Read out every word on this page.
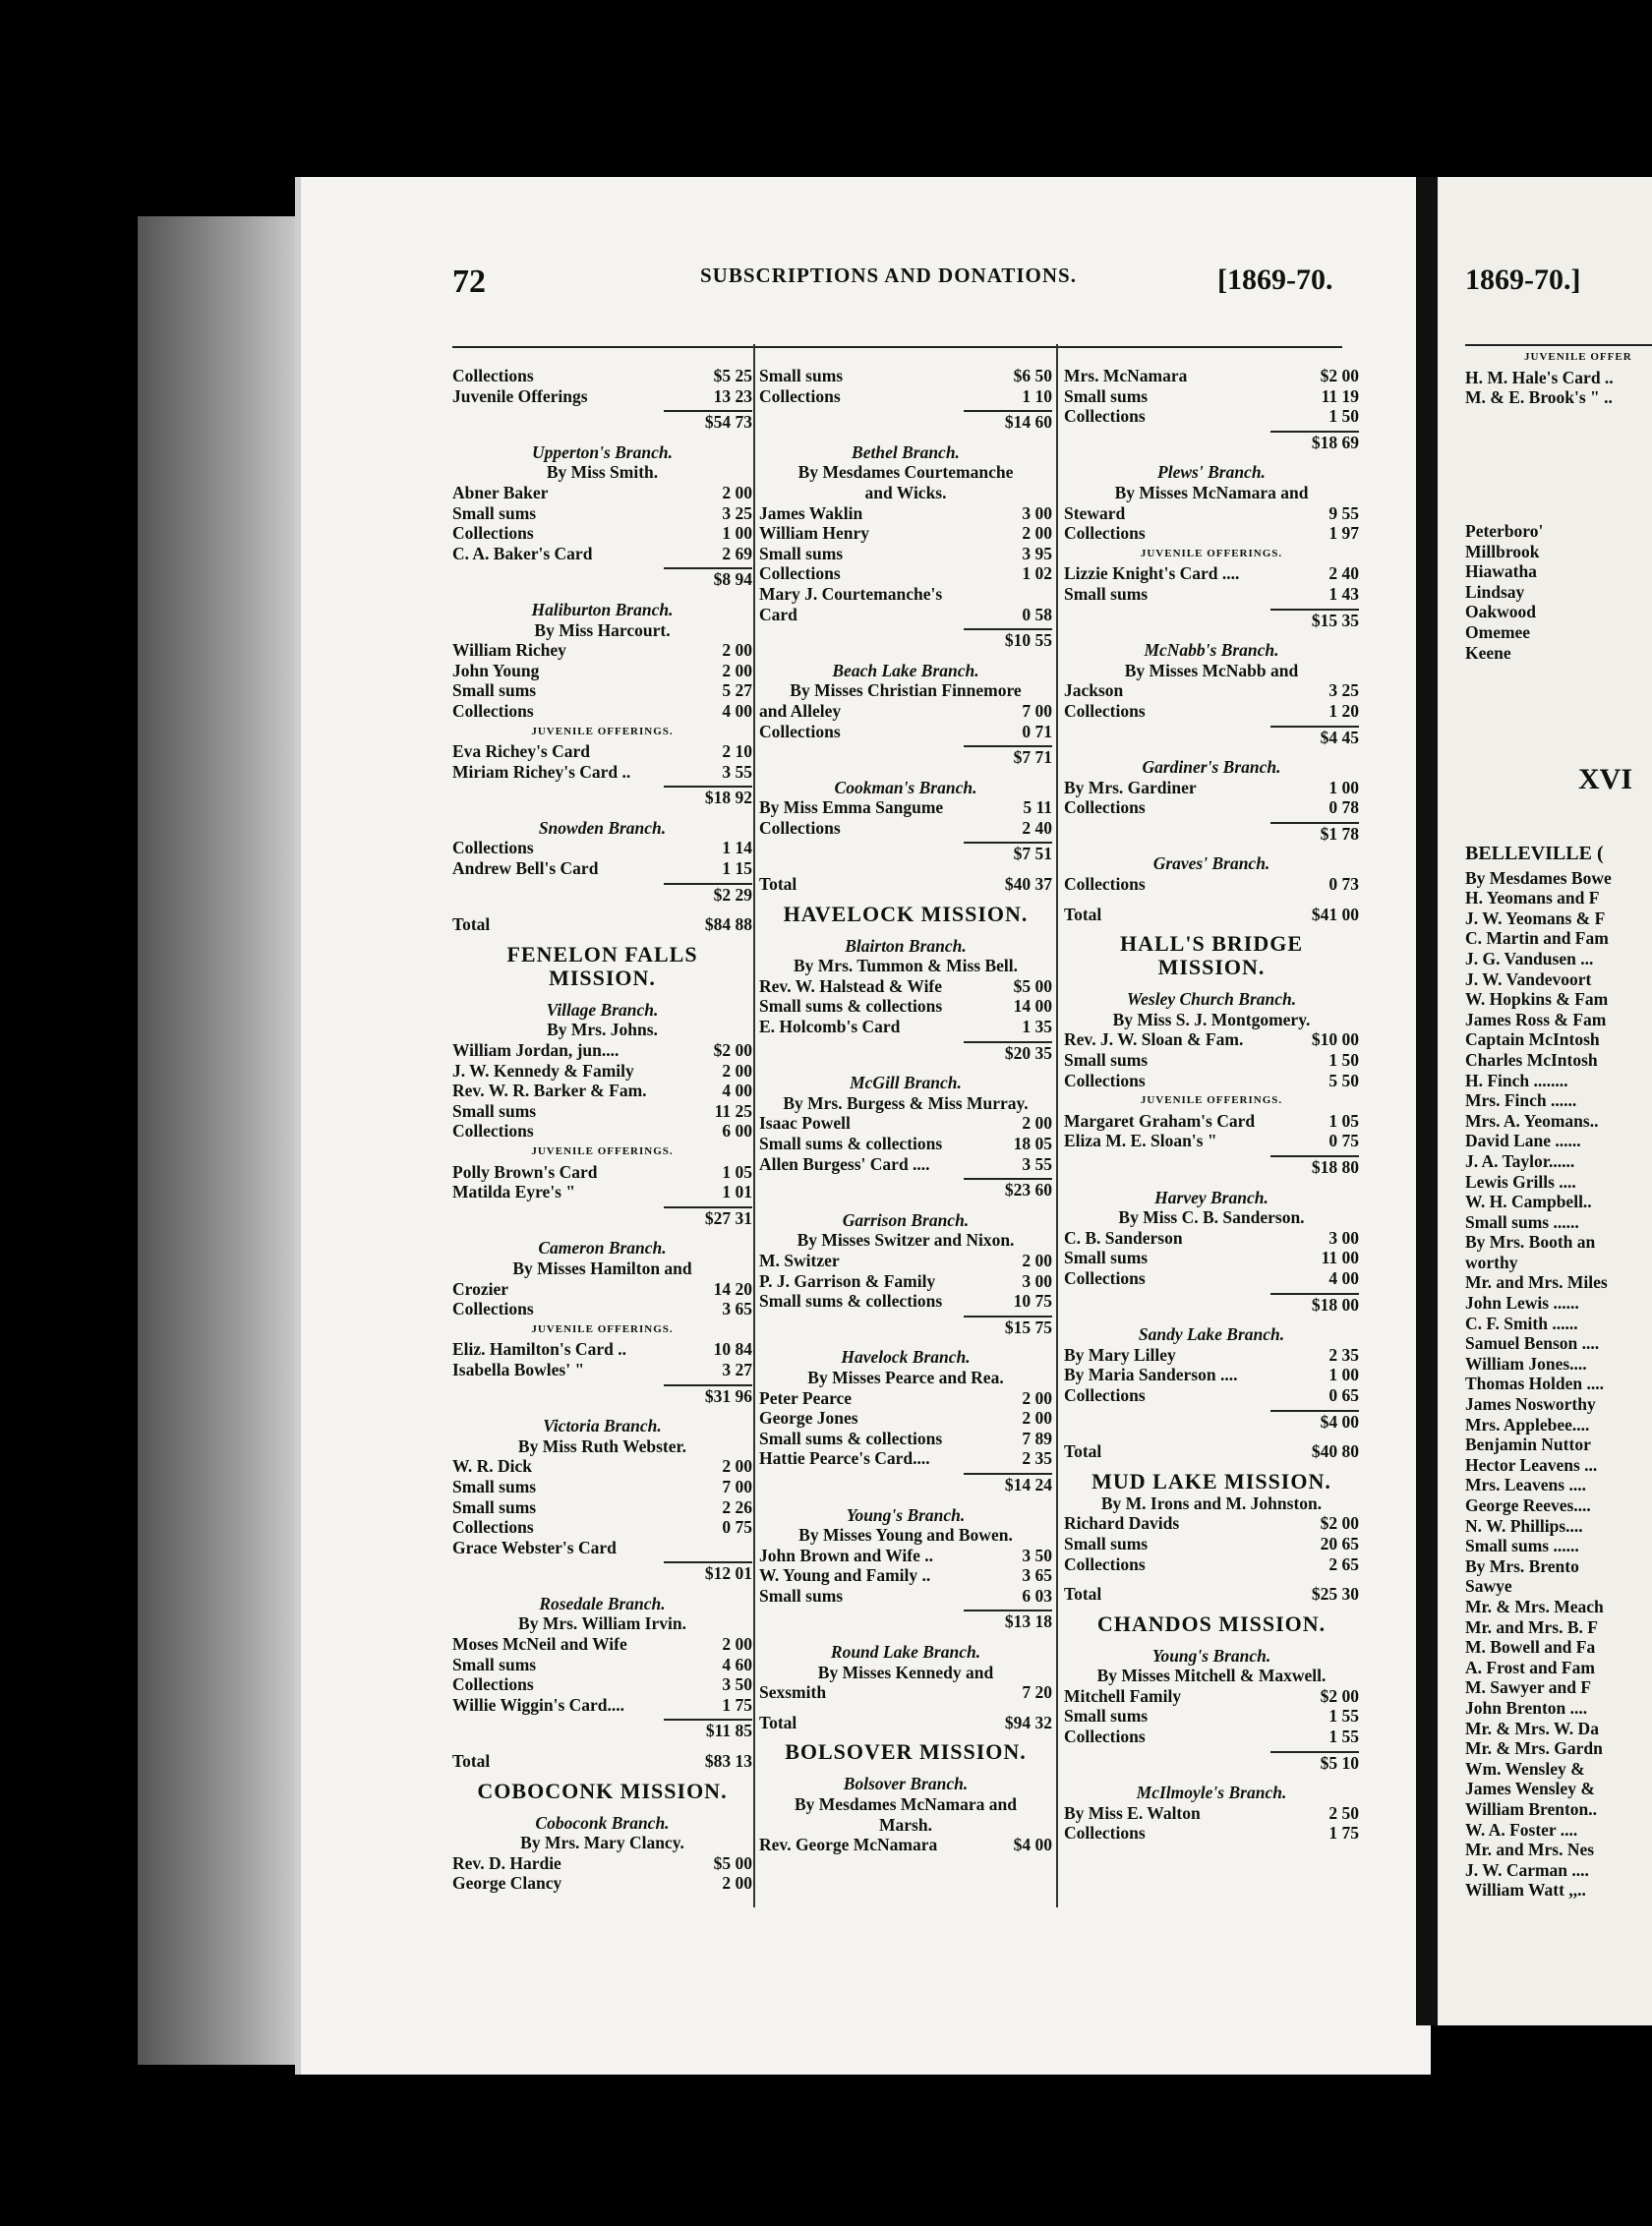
72	SUBSCRIPTIONS AND DONATIONS.	[1869-70.
Collections	$5 25
Juvenile Offerings	13 23
$54 73
Upperton's Branch.
By Miss Smith.
Abner Baker	2 00
Small sums	3 25
Collections	1 00
C. A. Baker's Card	2 69
$8 94
Haliburton Branch.
By Miss Harcourt.
William Richey	2 00
John Young	2 00
Small sums	5 27
Collections	4 00
JUVENILE OFFERINGS.
Eva Richey's Card	2 10
Miriam Richey's Card ..	3 55
$18 92
Snowden Branch.
Collections	1 14
Andrew Bell's Card	1 15
$2 29
Total	$84 88
FENELON FALLS MISSION.
Village Branch.
By Mrs. Johns.
William Jordan, jun....	$2 00
J. W. Kennedy & Family	2 00
Rev. W. R. Barker & Fam.	4 00
Small sums	11 25
Collections	6 00
JUVENILE OFFERINGS.
Polly Brown's Card	1 05
Matilda Eyre's "	1 01
$27 31
Cameron Branch.
By Misses Hamilton and
Crozier	14 20
Collections	3 65
JUVENILE OFFERINGS.
Eliz. Hamilton's Card ..	10 84
Isabella Bowles' "	3 27
$31 96
Victoria Branch.
By Miss Ruth Webster.
W. R. Dick	2 00
Small sums	7 00
Small sums	2 26
Collections	0 75
Grace Webster's Card
$12 01
Rosedale Branch.
By Mrs. William Irvin.
Moses McNeil and Wife	2 00
Small sums	4 60
Collections	3 50
Willie Wiggin's Card....	1 75
$11 85
Total	$83 13
COBOCONK MISSION.
Coboconk Branch.
By Mrs. Mary Clancy.
Rev. D. Hardie	$5 00
George Clancy	2 00
Small sums	$6 50
Collections	1 10
$14 60
Bethel Branch.
By Mesdames Courtemanche
and Wicks.
James Waklin	3 00
William Henry	2 00
Small sums	3 95
Collections	1 02
Mary J. Courtemanche's
Card	0 58
$10 55
Beach Lake Branch.
By Misses Christian Finnemore
and Alleley	7 00
Collections	0 71
$7 71
Cookman's Branch.
By Miss Emma Sangume	5 11
Collections	2 40
$7 51
Total	$40 37
HAVELOCK MISSION.
Blairton Branch.
By Mrs. Tummon & Miss Bell.
Rev. W. Halstead & Wife	$5 00
Small sums & collections	14 00
E. Holcomb's Card	1 35
$20 35
McGill Branch.
By Mrs. Burgess & Miss Murray.
Isaac Powell	2 00
Small sums & collections	18 05
Allen Burgess' Card ....	3 55
$23 60
Garrison Branch.
By Misses Switzer and Nixon.
M. Switzer	2 00
P. J. Garrison & Family	3 00
Small sums & collections	10 75
$15 75
Havelock Branch.
By Misses Pearce and Rea.
Peter Pearce	2 00
George Jones	2 00
Small sums & collections	7 89
Hattie Pearce's Card....	2 35
$14 24
Young's Branch.
By Misses Young and Bowen.
John Brown and Wife ..	3 50
W. Young and Family ..	3 65
Small sums	6 03
$13 18
Round Lake Branch.
By Misses Kennedy and
Sexsmith	7 20
Total	$94 32
BOLSOVER MISSION.
Bolsover Branch.
By Mesdames McNamara and
Marsh.
Rev. George McNamara	$4 00
Mrs. McNamara	$2 00
Small sums	11 19
Collections	1 50
$18 69
Plews' Branch.
By Misses McNamara and
Steward	9 55
Collections	1 97
JUVENILE OFFERINGS.
Lizzie Knight's Card ....	2 40
Small sums	1 43
$15 35
McNabb's Branch.
By Misses McNabb and
Jackson	3 25
Collections	1 20
$4 45
Gardiner's Branch.
By Mrs. Gardiner	1 00
Collections	0 78
$1 78
Graves' Branch.
Collections	0 73
Total	$41 00
HALL'S BRIDGE MISSION.
Wesley Church Branch.
By Miss S. J. Montgomery.
Rev. J. W. Sloan & Fam.	$10 00
Small sums	1 50
Collections	5 50
JUVENILE OFFERINGS.
Margaret Graham's Card	1 05
Eliza M. E. Sloan's "	0 75
$18 80
Harvey Branch.
By Miss C. B. Sanderson.
C. B. Sanderson	3 00
Small sums	11 00
Collections	4 00
$18 00
Sandy Lake Branch.
By Mary Lilley	2 35
By Maria Sanderson ....	1 00
Collections	0 65
$4 00
Total	$40 80
MUD LAKE MISSION.
By M. Irons and M. Johnston.
Richard Davids	$2 00
Small sums	20 65
Collections	2 65
Total	$25 30
CHANDOS MISSION.
Young's Branch.
By Misses Mitchell & Maxwell.
Mitchell Family	$2 00
Small sums	1 55
Collections	1 55
$5 10
McIlmoyle's Branch.
By Miss E. Walton	2 50
Collections	1 75
1869-70.]
JUVENILE OFFER
H. M. Hale's Card ..
M. & E. Brook's " ..
Peterboro'
Millbrook
Hiawatha
Lindsay
Oakwood
Omemee
Keene
XVI
BELLEVILLE (
By Mesdames Bowe
H. Yeomans and F
J. W. Yeomans & F
C. Martin and Fam
J. G. Vandusen ...
J. W. Vandevoort
W. Hopkins & Fam
James Ross & Fam
Captain McIntosh
Charles McIntosh
H. Finch ........
Mrs. Finch ......
Mrs. A. Yeomans..
David Lane ......
J. A. Taylor......
Lewis Grills ....
W. H. Campbell..
Small sums ......
By Mrs. Booth an
worthy
Mr. and Mrs. Miles
John Lewis ......
C. F. Smith ......
Samuel Benson ....
William Jones....
Thomas Holden ....
James Nosworthy
Mrs. Applebee....
Benjamin Nuttor
Hector Leavens ...
Mrs. Leavens ....
George Reeves....
N. W. Phillips....
Small sums ......
By Mrs. Brento
Sawye
Mr. & Mrs. Meach
Mr. and Mrs. B. F
M. Bowell and Fa
A. Frost and Fam
M. Sawyer and F
John Brenton ....
Mr. & Mrs. W. Da
Mr. & Mrs. Gardn
Wm. Wensley &
James Wensley &
William Brenton..
W. A. Foster ....
Mr. and Mrs. Nes
J. W. Carman ....
William Watt ,,..
